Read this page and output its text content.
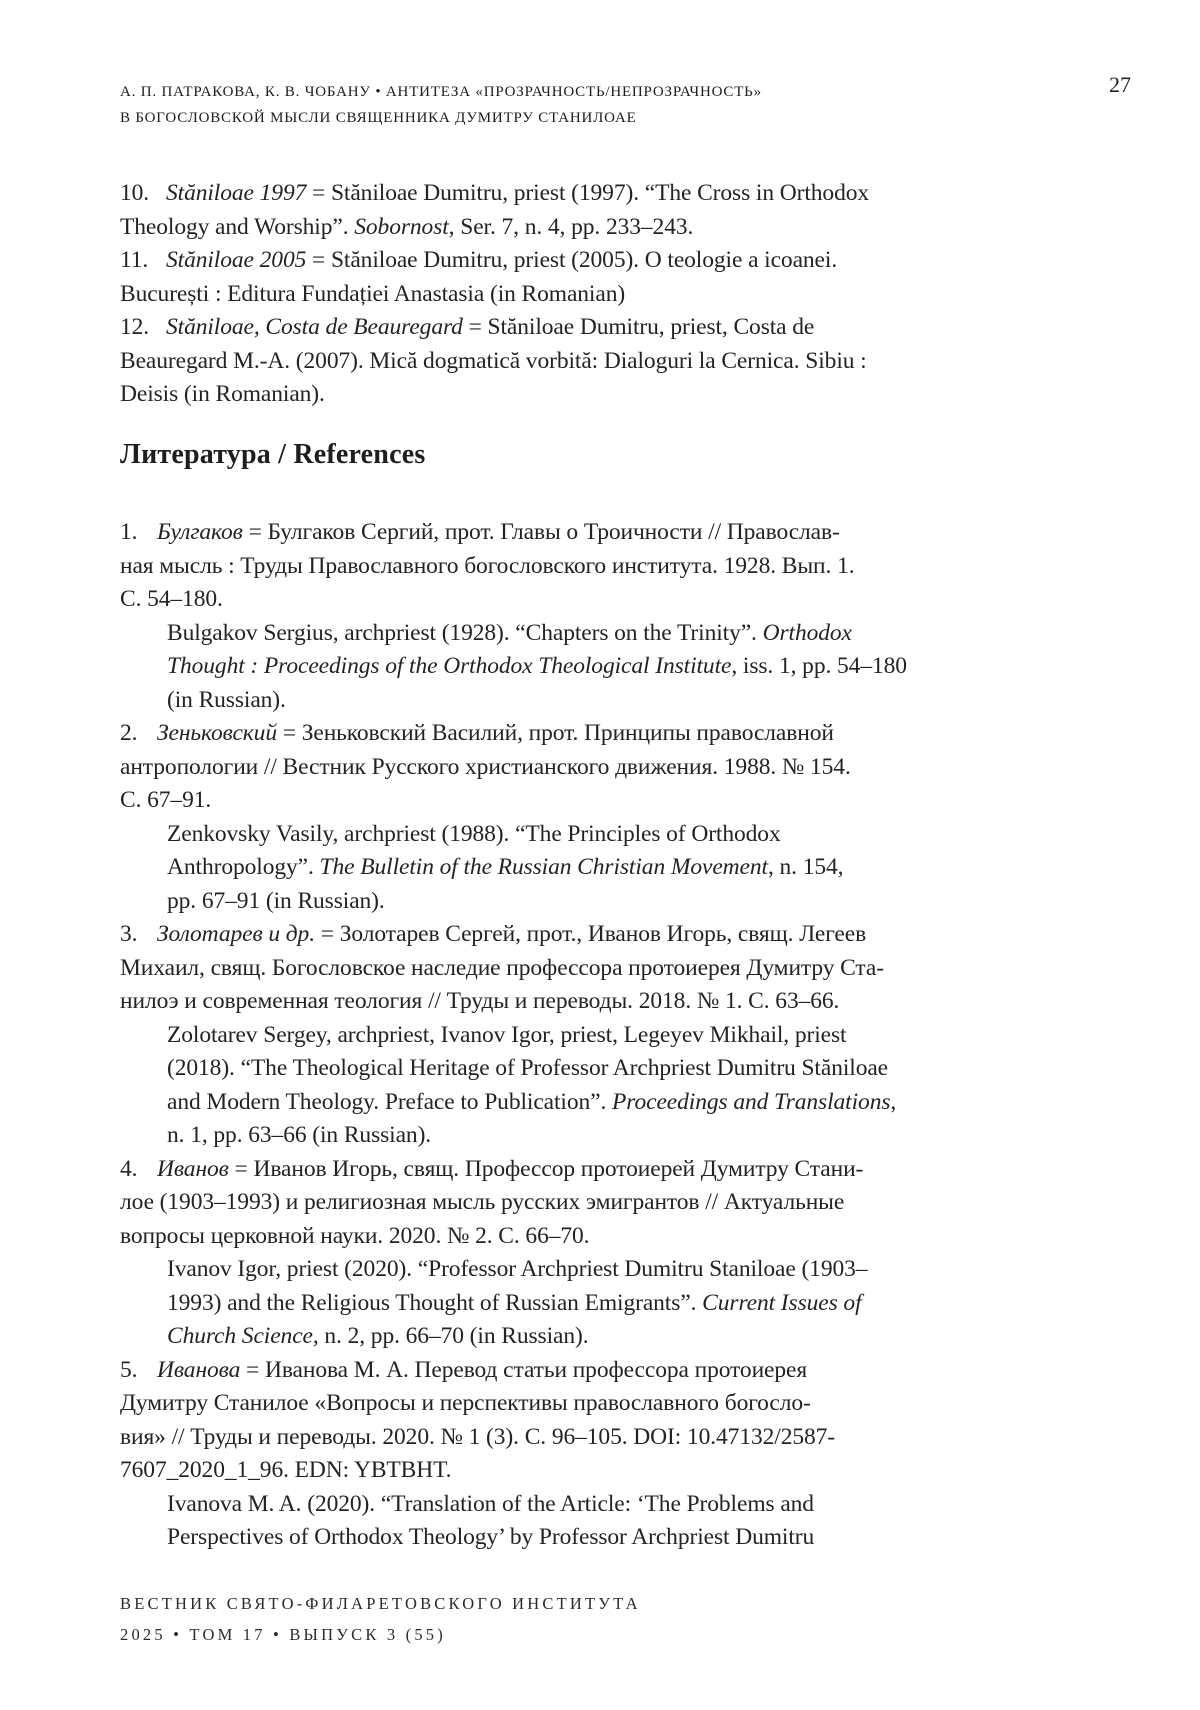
А. П. ПАТРАКОВА, К. В. ЧОБАНУ • АНТИТЕЗА «ПРОЗРАЧНОСТЬ/НЕПРОЗРАЧНОСТЬ»
В БОГОСЛОВСКОЙ МЫСЛИ СВЯЩЕННИКА ДУМИТРУ СТАНИЛОАЕ
27
10. Stăniloae 1997 = Stăniloae Dumitru, priest (1997). “The Cross in Orthodox
Theology and Worship”. Sobornost, Ser. 7, n. 4, pp. 233–243.
11. Stăniloae 2005 = Stăniloae Dumitru, priest (2005). O teologie a icoanei.
București : Editura Fundației Anastasia (in Romanian)
12. Stăniloae, Costa de Beauregard = Stăniloae Dumitru, priest, Costa de
Beauregard M.-A. (2007). Mică dogmatică vorbită: Dialoguri la Cernica. Sibiu :
Deisis (in Romanian).
Литература / References
1. Булгаков = Булгаков Сергий, прот. Главы о Троичности // Православ-
ная мысль : Труды Православного богословского института. 1928. Вып. 1.
С. 54–180.
Bulgakov Sergius, archpriest (1928). “Chapters on the Trinity”. Orthodox
Thought : Proceedings of the Orthodox Theological Institute, iss. 1, pp. 54–180
(in Russian).
2. Зеньковский = Зеньковский Василий, прот. Принципы православной
антропологии // Вестник Русского христианского движения. 1988. № 154.
С. 67–91.
Zenkovsky Vasily, archpriest (1988). “The Principles of Orthodox
Anthropology”. The Bulletin of the Russian Christian Movement, n. 154,
pp. 67–91 (in Russian).
3. Золотарев и др. = Золотарев Сергей, прот., Иванов Игорь, свящ. Легеев
Михаил, свящ. Богословское наследие профессора протоиерея Думитру Ста-
нилоэ и современная теология // Труды и переводы. 2018. № 1. С. 63–66.
Zolotarev Sergey, archpriest, Ivanov Igor, priest, Legeyev Mikhail, priest
(2018). “The Theological Heritage of Professor Archpriest Dumitru Stăniloae
and Modern Theology. Preface to Publication”. Proceedings and Translations,
n. 1, pp. 63–66 (in Russian).
4. Иванов = Иванов Игорь, свящ. Профессор протоиерей Думитру Стани-
лое (1903–1993) и религиозная мысль русских эмигрантов // Актуальные
вопросы церковной науки. 2020. № 2. С. 66–70.
Ivanov Igor, priest (2020). “Professor Archpriest Dumitru Staniloae (1903–
1993) and the Religious Thought of Russian Emigrants”. Current Issues of
Church Science, n. 2, pp. 66–70 (in Russian).
5. Иванова = Иванова М. А. Перевод статьи профессора протоиерея
Думитру Станилое «Вопросы и перспективы православного богосло-
вия» // Труды и переводы. 2020. № 1 (3). С. 96–105. DOI: 10.47132/2587-
7607_2020_1_96. EDN: YBTBHT.
Ivanova M. A. (2020). “Translation of the Article: ‘The Problems and
Perspectives of Orthodox Theology’ by Professor Archpriest Dumitru
ВЕСТНИК СВЯТО-ФИЛАРЕТОВСКОГО ИНСТИТУТА
2025 • ТОМ 17 • ВЫПУСК 3 (55)
